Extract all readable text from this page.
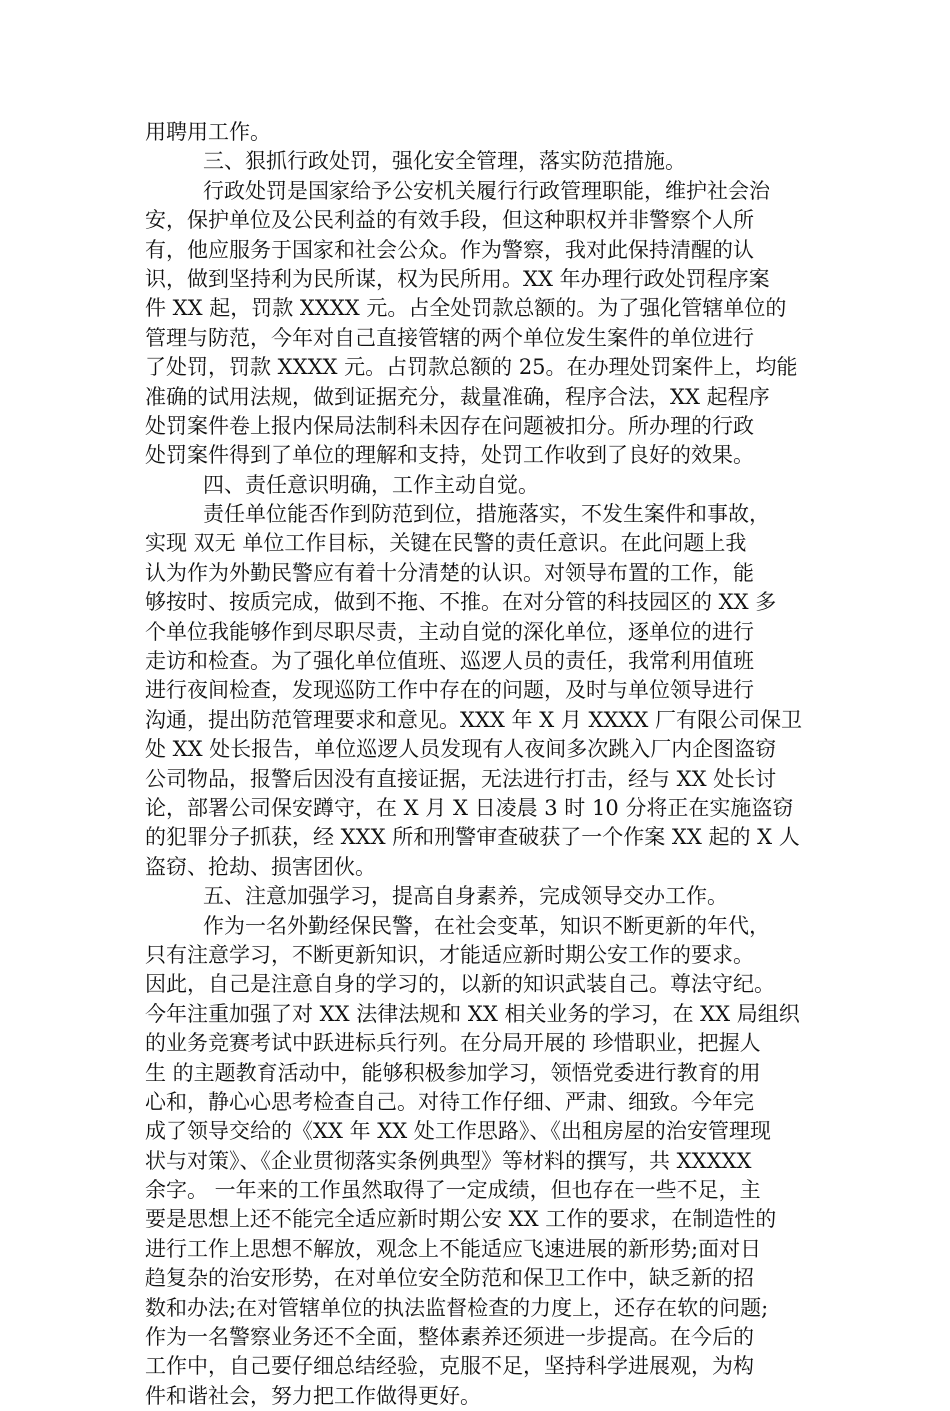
用聘用工作。
三、狠抓行政处罚，强化安全管理，落实防范措施。
行政处罚是国家给予公安机关履行行政管理职能，维护社会治
安，保护单位及公民利益的有效手段，但这种职权并非警察个人所
有，他应服务于国家和社会公众。作为警察，我对此保持清醒的认
识，做到坚持利为民所谋，权为民所用。XX 年办理行政处罚程序案
件 XX 起，罚款 XXXX 元。占全处罚款总额的。为了强化管辖单位的
管理与防范，今年对自己直接管辖的两个单位发生案件的单位进行
了处罚，罚款 XXXX 元。占罚款总额的 25。在办理处罚案件上，均能
准确的试用法规，做到证据充分，裁量准确，程序合法，XX 起程序
处罚案件卷上报内保局法制科未因存在问题被扣分。所办理的行政
处罚案件得到了单位的理解和支持，处罚工作收到了良好的效果。
四、责任意识明确，工作主动自觉。
责任单位能否作到防范到位，措施落实，不发生案件和事故，
实现 双无 单位工作目标，关键在民警的责任意识。在此问题上我
认为作为外勤民警应有着十分清楚的认识。对领导布置的工作，能
够按时、按质完成，做到不拖、不推。在对分管的科技园区的 XX 多
个单位我能够作到尽职尽责，主动自觉的深化单位，逐单位的进行
走访和检查。为了强化单位值班、巡逻人员的责任，我常利用值班
进行夜间检查，发现巡防工作中存在的问题，及时与单位领导进行
沟通，提出防范管理要求和意见。XXX 年 X 月 XXXX 厂有限公司保卫
处 XX 处长报告，单位巡逻人员发现有人夜间多次跳入厂内企图盗窃
公司物品，报警后因没有直接证据，无法进行打击，经与 XX 处长讨
论，部署公司保安蹲守，在 X 月 X 日凌晨 3 时 10 分将正在实施盗窃
的犯罪分子抓获，经 XXX 所和刑警审查破获了一个作案 XX 起的 X 人
盗窃、抢劫、损害团伙。
五、注意加强学习，提高自身素养，完成领导交办工作。
作为一名外勤经保民警，在社会变革，知识不断更新的年代，
只有注意学习，不断更新知识，才能适应新时期公安工作的要求。
因此，自己是注意自身的学习的，以新的知识武装自己。尊法守纪。
今年注重加强了对 XX 法律法规和 XX 相关业务的学习，在 XX 局组织
的业务竞赛考试中跃进标兵行列。在分局开展的 珍惜职业，把握人
生 的主题教育活动中，能够积极参加学习，领悟党委进行教育的用
心和，静心心思考检查自己。对待工作仔细、严肃、细致。今年完
成了领导交给的《XX 年 XX 处工作思路》、《出租房屋的治安管理现
状与对策》、《企业贯彻落实条例典型》等材料的撰写，共 XXXXX
余字。 一年来的工作虽然取得了一定成绩，但也存在一些不足，主
要是思想上还不能完全适应新时期公安 XX 工作的要求，在制造性的
进行工作上思想不解放，观念上不能适应飞速进展的新形势;面对日
趋复杂的治安形势，在对单位安全防范和保卫工作中，缺乏新的招
数和办法;在对管辖单位的执法监督检查的力度上，还存在软的问题;
作为一名警察业务还不全面，整体素养还须进一步提高。在今后的
工作中，自己要仔细总结经验，克服不足，坚持科学进展观，为构
件和谐社会，努力把工作做得更好。
